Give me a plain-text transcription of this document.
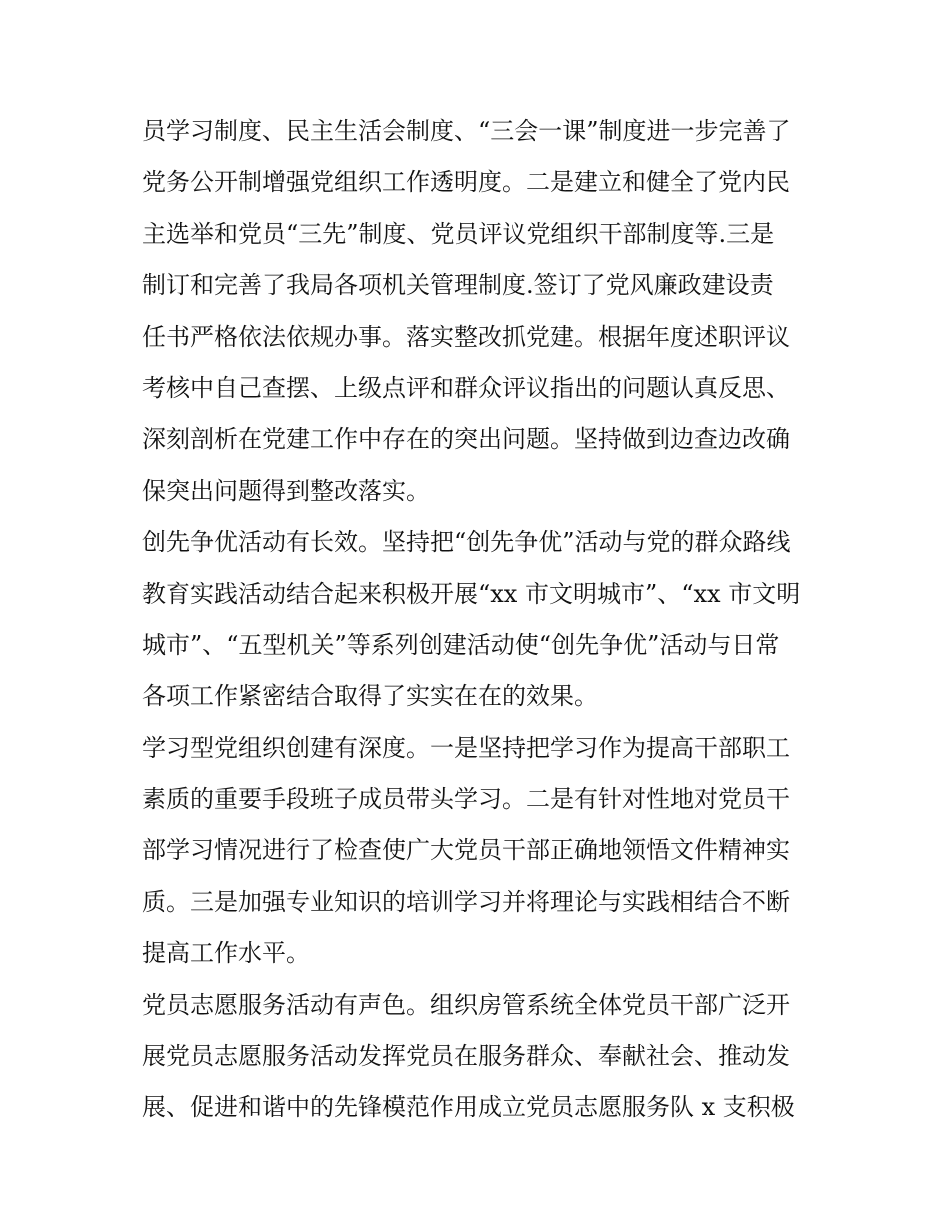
员学习制度、民主生活会制度、“三会一课”制度进一步完善了
党务公开制增强党组织工作透明度。二是建立和健全了党内民
主选举和党员“三先”制度、党员评议党组织干部制度等.三是
制订和完善了我局各项机关管理制度.签订了党风廉政建设责
任书严格依法依规办事。落实整改抓党建。根据年度述职评议
考核中自己查摆、上级点评和群众评议指出的问题认真反思、
深刻剖析在党建工作中存在的突出问题。坚持做到边查边改确
保突出问题得到整改落实。
创先争优活动有长效。坚持把“创先争优”活动与党的群众路线
教育实践活动结合起来积极开展“xx 市文明城市”、“xx 市文明
城市”、“五型机关”等系列创建活动使“创先争优”活动与日常
各项工作紧密结合取得了实实在在的效果。
学习型党组织创建有深度。一是坚持把学习作为提高干部职工
素质的重要手段班子成员带头学习。二是有针对性地对党员干
部学习情况进行了检查使广大党员干部正确地领悟文件精神实
质。三是加强专业知识的培训学习并将理论与实践相结合不断
提高工作水平。
党员志愿服务活动有声色。组织房管系统全体党员干部广泛开
展党员志愿服务活动发挥党员在服务群众、奉献社会、推动发
展、促进和谐中的先锋模范作用成立党员志愿服务队 x 支积极
